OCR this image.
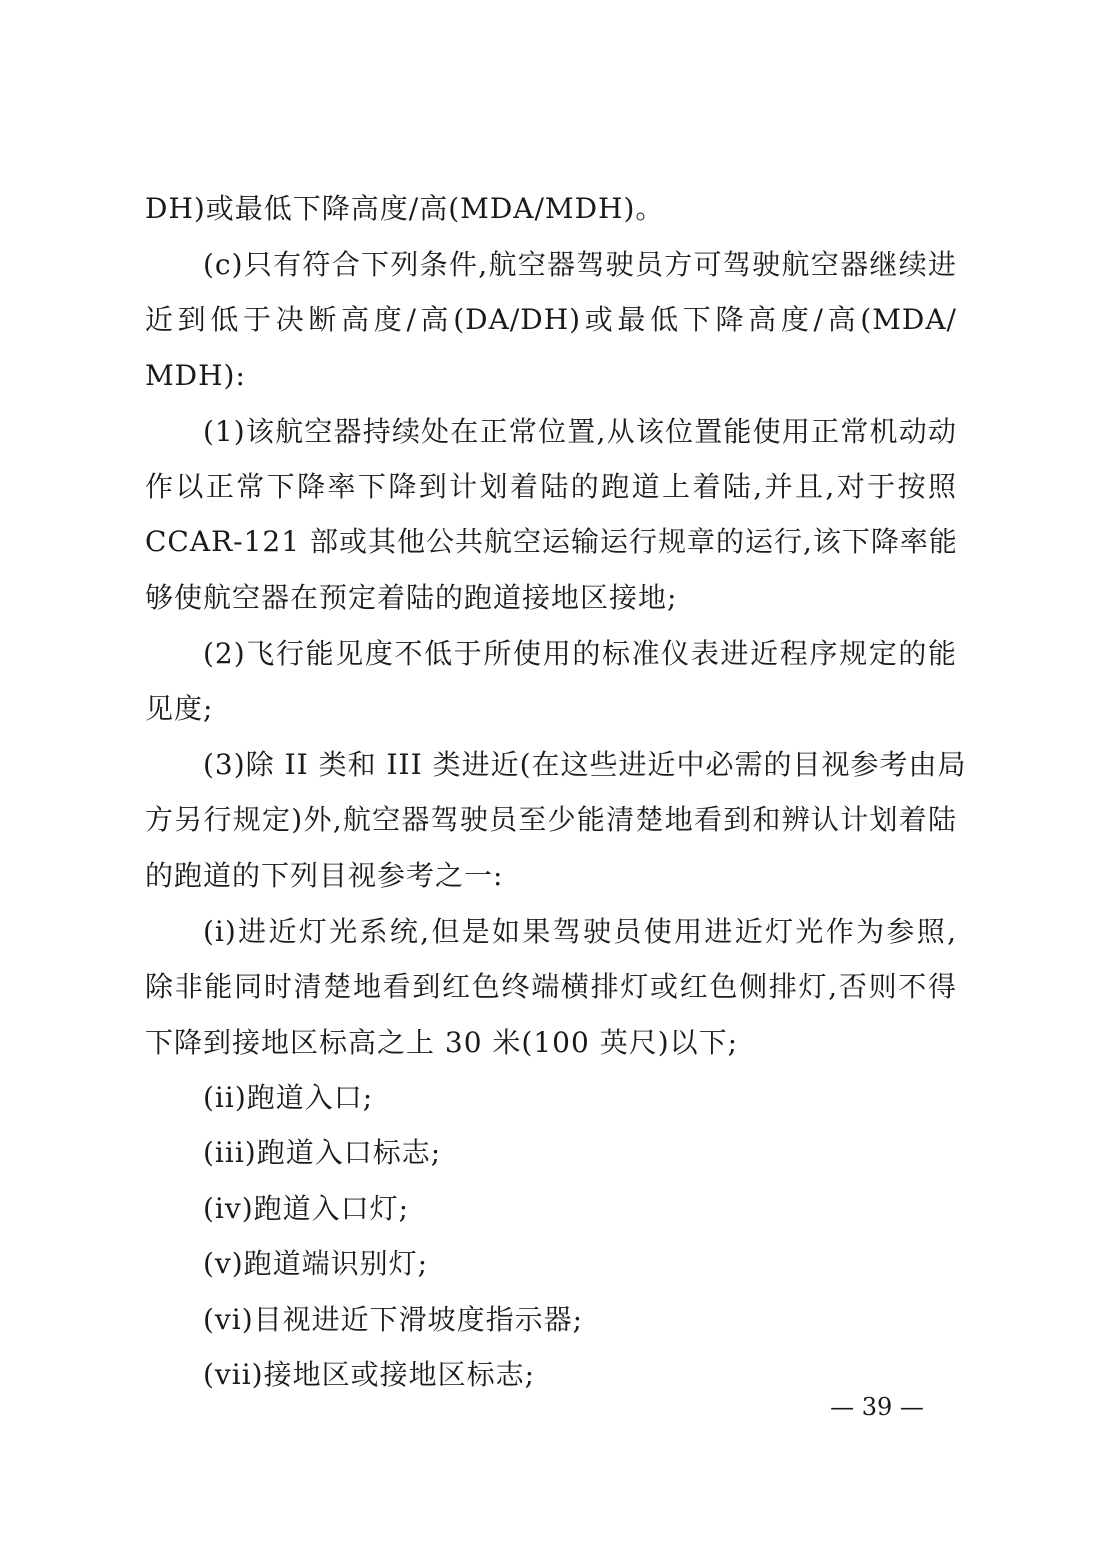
DH)或最低下降高度/高(MDA/MDH)。
(c)只有符合下列条件,航空器驾驶员方可驾驶航空器继续进
近到低于决断高度/高(DA/DH)或最低下降高度/高(MDA/
MDH):
(1)该航空器持续处在正常位置,从该位置能使用正常机动动
作以正常下降率下降到计划着陆的跑道上着陆,并且,对于按照
CCAR-121 部或其他公共航空运输运行规章的运行,该下降率能
够使航空器在预定着陆的跑道接地区接地;
(2)飞行能见度不低于所使用的标准仪表进近程序规定的能
见度;
(3)除 II 类和 III 类进近(在这些进近中必需的目视参考由局
方另行规定)外,航空器驾驶员至少能清楚地看到和辨认计划着陆
的跑道的下列目视参考之一:
(i)进近灯光系统,但是如果驾驶员使用进近灯光作为参照,
除非能同时清楚地看到红色终端横排灯或红色侧排灯,否则不得
下降到接地区标高之上 30 米(100 英尺)以下;
(ii)跑道入口;
(iii)跑道入口标志;
(iv)跑道入口灯;
(v)跑道端识别灯;
(vi)目视进近下滑坡度指示器;
(vii)接地区或接地区标志;
— 39 —
